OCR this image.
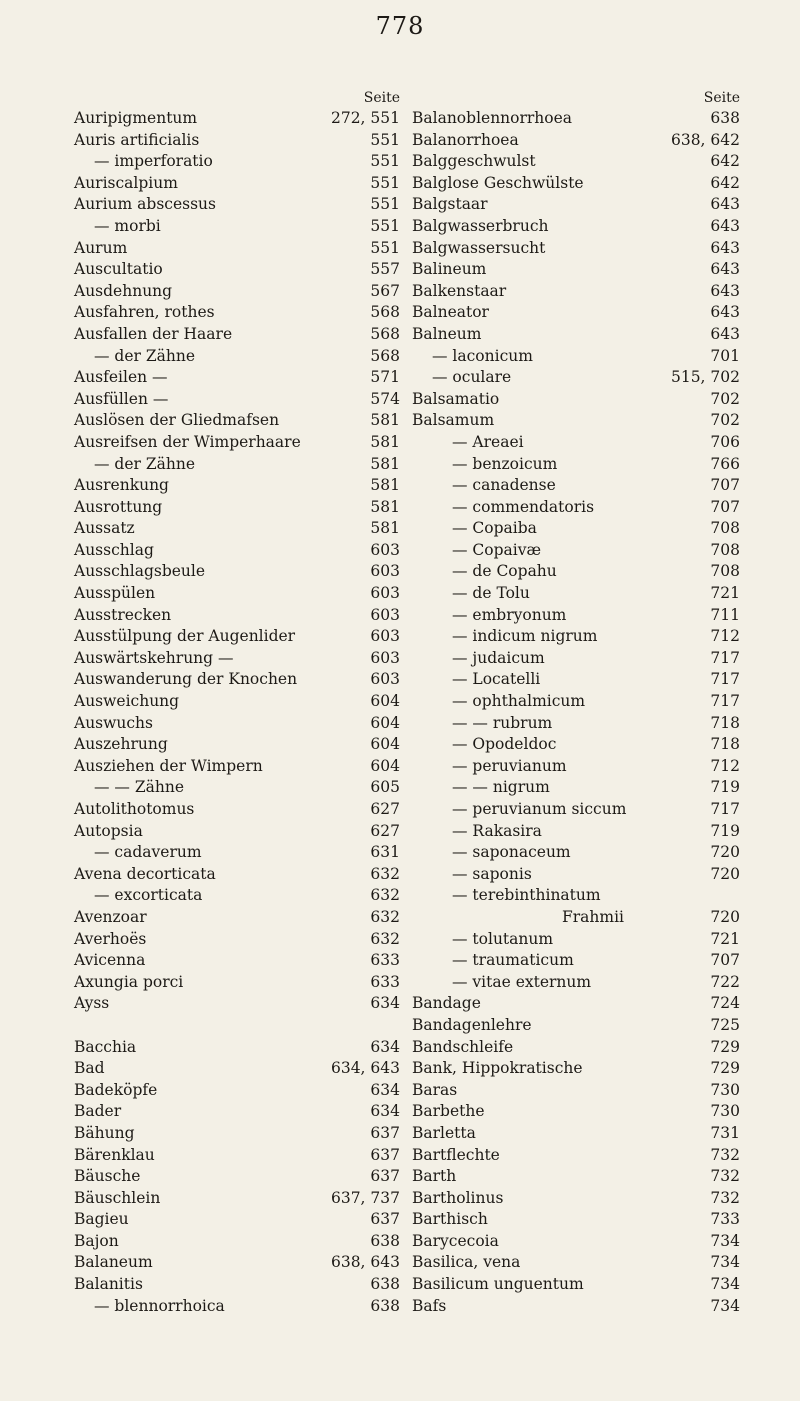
778
Seite
Auripigmentum	272, 551
Auris artificialis	551
— imperforatio	551
Auriscalpium	551
Aurium abscessus	551
— morbi	551
Aurum	551
Auscultatio	557
Ausdehnung	567
Ausfahren, rothes	568
Ausfallen der Haare	568
— der Zähne	568
Ausfeilen —	571
Ausfüllen —	574
Auslösen der Gliedmafsen	581
Ausreifsen der Wimperhaare	581
— der Zähne	581
Ausrenkung	581
Ausrottung	581
Aussatz	581
Ausschlag	603
Ausschlagsbeule	603
Ausspülen	603
Ausstrecken	603
Ausstülpung der Augenlider	603
Auswärtskehrung —	603
Auswanderung der Knochen	603
Ausweichung	604
Auswuchs	604
Auszehrung	604
Ausziehen der Wimpern	604
— — Zähne	605
Autolithotomus	627
Autopsia	627
— cadaverum	631
Avena decorticata	632
— excorticata	632
Avenzoar	632
Averhoës	632
Avicenna	633
Axungia porci	633
Ayss	634
Bacchia	634
Bad	634, 643
Badeköpfe	634
Bader	634
Bähung	637
Bärenklau	637
Bäusche	637
Bäuschlein	637, 737
Bagieu	637
Bajon	638
Balaneum	638, 643
Balanitis	638
— blennorrhoica	638
Seite
Balanoblennorrhoea	638
Balanorrhoea	638, 642
Balggeschwulst	642
Balglose Geschwülste	642
Balgstaar	643
Balgwasserbruch	643
Balgwassersucht	643
Balineum	643
Balkenstaar	643
Balneator	643
Balneum	643
— laconicum	701
— oculare	515, 702
Balsamatio	702
Balsamum	702
— Areaei	706
— benzoicum	766
— canadense	707
— commendatoris	707
— Copaiba	708
— Copaivæ	708
— de Copahu	708
— de Tolu	721
— embryonum	711
— indicum nigrum	712
— judaicum	717
— Locatelli	717
— ophthalmicum	717
— — rubrum	718
— Opodeldoc	718
— peruvianum	712
— — nigrum	719
— peruvianum siccum	717
— Rakasira	719
— saponaceum	720
— saponis	720
— terebinthinatum
Frahmii	720
— tolutanum	721
— traumaticum	707
— vitae externum	722
Bandage	724
Bandagenlehre	725
Bandschleife	729
Bank, Hippokratische	729
Baras	730
Barbethe	730
Barletta	731
Bartflechte	732
Barth	732
Bartholinus	732
Barthisch	733
Barycecoia	734
Basilica, vena	734
Basilicum unguentum	734
Bafs	734
